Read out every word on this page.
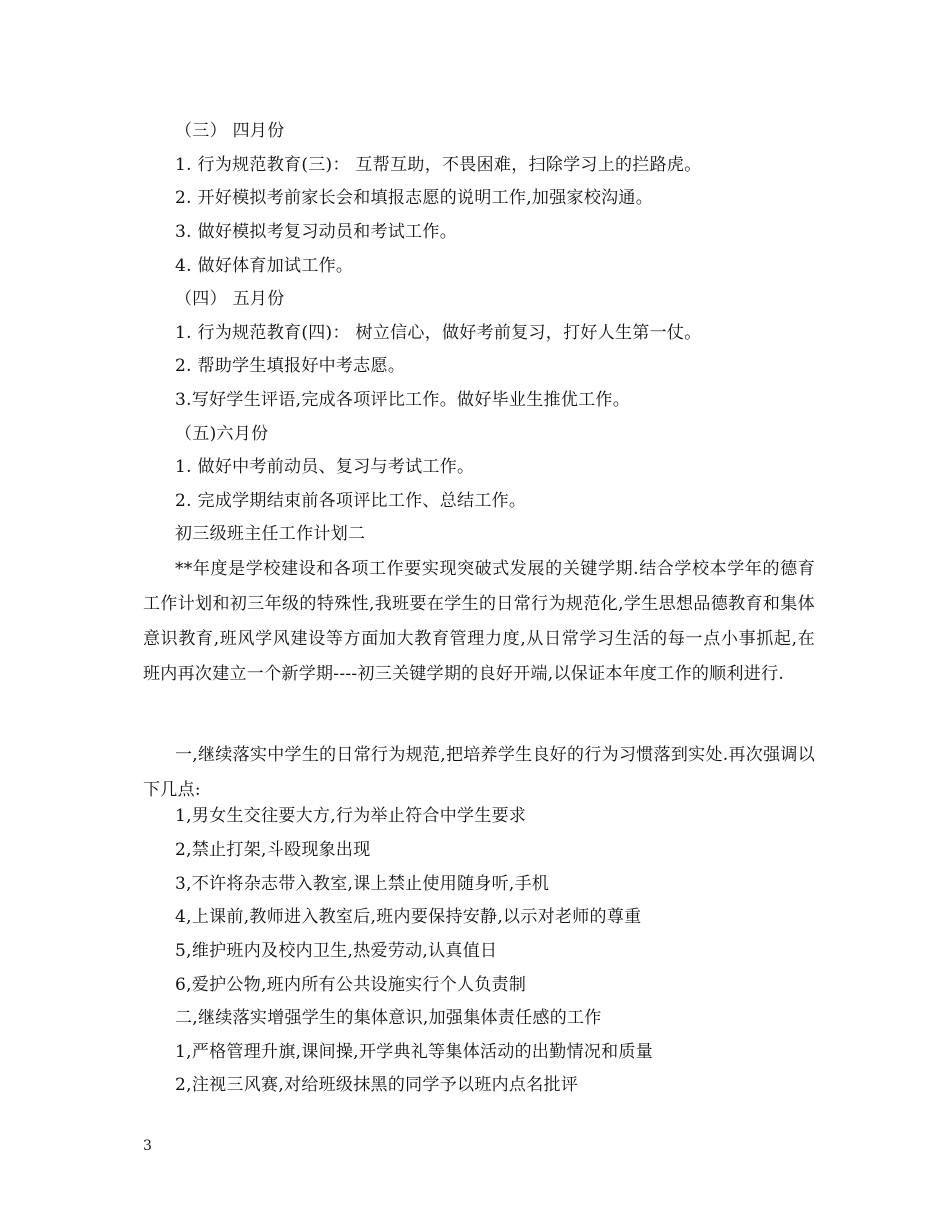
（三） 四月份
1. 行为规范教育(三)： 互帮互助，不畏困难，扫除学习上的拦路虎。
2. 开好模拟考前家长会和填报志愿的说明工作,加强家校沟通。
3. 做好模拟考复习动员和考试工作。
4. 做好体育加试工作。
（四） 五月份
1. 行为规范教育(四)： 树立信心，做好考前复习，打好人生第一仗。
2. 帮助学生填报好中考志愿。
3.写好学生评语,完成各项评比工作。做好毕业生推优工作。
（五)六月份
1. 做好中考前动员、复习与考试工作。
2. 完成学期结束前各项评比工作、总结工作。
初三级班主任工作计划二
**年度是学校建设和各项工作要实现突破式发展的关键学期.结合学校本学年的德育工作计划和初三年级的特殊性,我班要在学生的日常行为规范化,学生思想品德教育和集体意识教育,班风学风建设等方面加大教育管理力度,从日常学习生活的每一点小事抓起,在班内再次建立一个新学期----初三关键学期的良好开端,以保证本年度工作的顺利进行.
一,继续落实中学生的日常行为规范,把培养学生良好的行为习惯落到实处.再次强调以下几点:
1,男女生交往要大方,行为举止符合中学生要求
2,禁止打架,斗殴现象出现
3,不许将杂志带入教室,课上禁止使用随身听,手机
4,上课前,教师进入教室后,班内要保持安静,以示对老师的尊重
5,维护班内及校内卫生,热爱劳动,认真值日
6,爱护公物,班内所有公共设施实行个人负责制
二,继续落实增强学生的集体意识,加强集体责任感的工作
1,严格管理升旗,课间操,开学典礼等集体活动的出勤情况和质量
2,注视三风赛,对给班级抹黑的同学予以班内点名批评
3
